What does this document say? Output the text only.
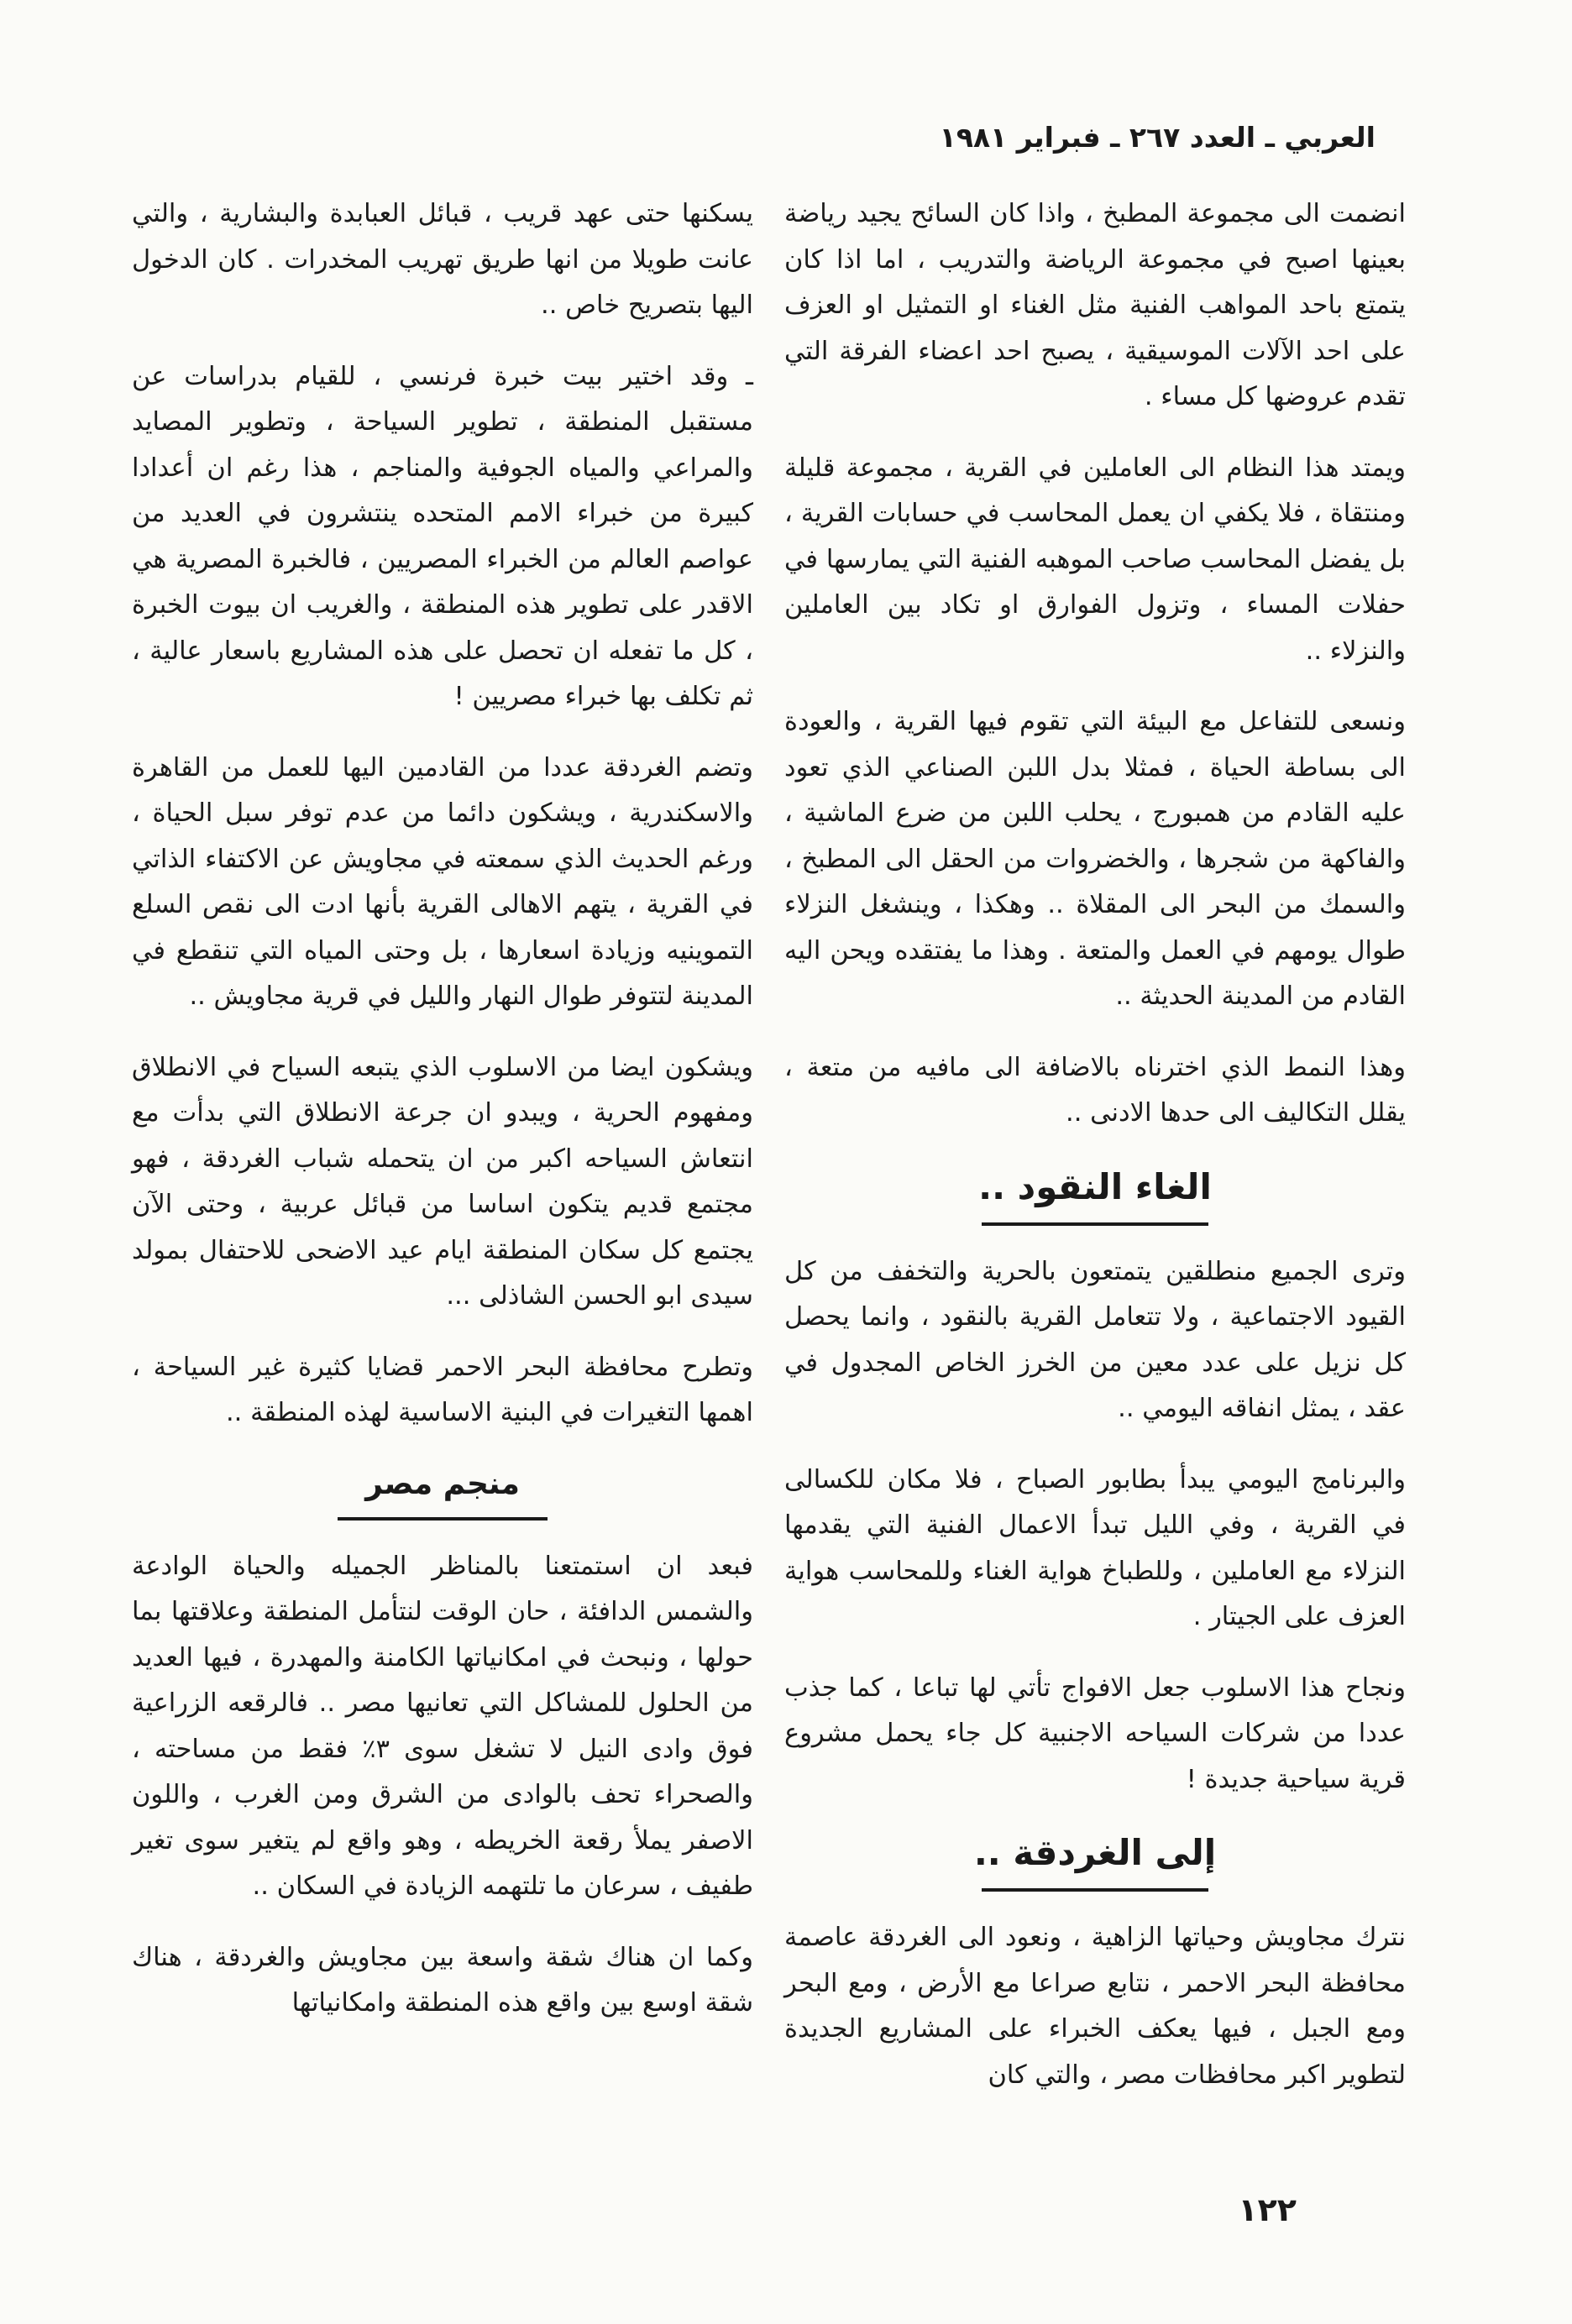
العربي ـ العدد ٢٦٧ ـ فبراير ١٩٨١

انضمت الى مجموعة المطبخ ، واذا كان السائح يجيد رياضة بعينها اصبح في مجموعة الرياضة والتدريب ، اما اذا كان يتمتع باحد المواهب الفنية مثل الغناء او التمثيل او العزف على احد الآلات الموسيقية ، يصبح احد اعضاء الفرقة التي تقدم عروضها كل مساء .

ويمتد هذا النظام الى العاملين في القرية ، مجموعة قليلة ومنتقاة ، فلا يكفي ان يعمل المحاسب في حسابات القرية ، بل يفضل المحاسب صاحب الموهبه الفنية التي يمارسها في حفلات المساء ، وتزول الفوارق او تكاد بين العاملين والنزلاء ..

ونسعى للتفاعل مع البيئة التي تقوم فيها القرية ، والعودة الى بساطة الحياة ، فمثلا بدل اللبن الصناعي الذي تعود عليه القادم من همبورج ، يحلب اللبن من ضرع الماشية ، والفاكهة من شجرها ، والخضروات من الحقل الى المطبخ ، والسمك من البحر الى المقلاة .. وهكذا ، وينشغل النزلاء طوال يومهم في العمل والمتعة . وهذا ما يفتقده ويحن اليه القادم من المدينة الحديثة ..

وهذا النمط الذي اخترناه بالاضافة الى مافيه من متعة ، يقلل التكاليف الى حدها الادنى ..

الغاء النقود ..

وترى الجميع منطلقين يتمتعون بالحرية والتخفف من كل القيود الاجتماعية ، ولا تتعامل القرية بالنقود ، وانما يحصل كل نزيل على عدد معين من الخرز الخاص المجدول في عقد ، يمثل انفاقه اليومي ..

والبرنامج اليومي يبدأ بطابور الصباح ، فلا مكان للكسالى في القرية ، وفي الليل تبدأ الاعمال الفنية التي يقدمها النزلاء مع العاملين ، وللطباخ هواية الغناء وللمحاسب هواية العزف على الجيتار .

ونجاح هذا الاسلوب جعل الافواج تأتي لها تباعا ، كما جذب عددا من شركات السياحه الاجنبية كل جاء يحمل مشروع قرية سياحية جديدة !

إلى الغردقة ..

نترك مجاويش وحياتها الزاهية ، ونعود الى الغردقة عاصمة محافظة البحر الاحمر ، نتابع صراعا مع الأرض ، ومع البحر ومع الجبل ، فيها يعكف الخبراء على المشاريع الجديدة لتطوير اكبر محافظات مصر ، والتي كان

يسكنها حتى عهد قريب ، قبائل العبابدة والبشارية ، والتي عانت طويلا من انها طريق تهريب المخدرات . كان الدخول اليها بتصريح خاص ..

ـ وقد اختير بيت خبرة فرنسي ، للقيام بدراسات عن مستقبل المنطقة ، تطوير السياحة ، وتطوير المصايد والمراعي والمياه الجوفية والمناجم ، هذا رغم ان أعدادا كبيرة من خبراء الامم المتحده ينتشرون في العديد من عواصم العالم من الخبراء المصريين ، فالخبرة المصرية هي الاقدر على تطوير هذه المنطقة ، والغريب ان بيوت الخبرة ، كل ما تفعله ان تحصل على هذه المشاريع باسعار عالية ، ثم تكلف بها خبراء مصريين !

وتضم الغردقة عددا من القادمين اليها للعمل من القاهرة والاسكندرية ، ويشكون دائما من عدم توفر سبل الحياة ، ورغم الحديث الذي سمعته في مجاويش عن الاكتفاء الذاتي في القرية ، يتهم الاهالى القرية بأنها ادت الى نقص السلع التموينيه وزيادة اسعارها ، بل وحتى المياه التي تنقطع في المدينة لتتوفر طوال النهار والليل في قرية مجاويش ..

ويشكون ايضا من الاسلوب الذي يتبعه السياح في الانطلاق ومفهوم الحرية ، ويبدو ان جرعة الانطلاق التي بدأت مع انتعاش السياحه اكبر من ان يتحمله شباب الغردقة ، فهو مجتمع قديم يتكون اساسا من قبائل عربية ، وحتى الآن يجتمع كل سكان المنطقة ايام عيد الاضحى للاحتفال بمولد سيدى ابو الحسن الشاذلى ...

وتطرح محافظة البحر الاحمر قضايا كثيرة غير السياحة ، اهمها التغيرات في البنية الاساسية لهذه المنطقة ..

منجم مصر

فبعد ان استمتعنا بالمناظر الجميله والحياة الوادعة والشمس الدافئة ، حان الوقت لنتأمل المنطقة وعلاقتها بما حولها ، ونبحث في امكانياتها الكامنة والمهدرة ، فيها العديد من الحلول للمشاكل التي تعانيها مصر .. فالرقعه الزراعية فوق وادى النيل لا تشغل سوى ٣٪ فقط من مساحته ، والصحراء تحف بالوادى من الشرق ومن الغرب ، واللون الاصفر يملأ رقعة الخريطه ، وهو واقع لم يتغير سوى تغير طفيف ، سرعان ما تلتهمه الزيادة في السكان ..

وكما ان هناك شقة واسعة بين مجاويش والغردقة ، هناك شقة اوسع بين واقع هذه المنطقة وامكانياتها

١٢٢
